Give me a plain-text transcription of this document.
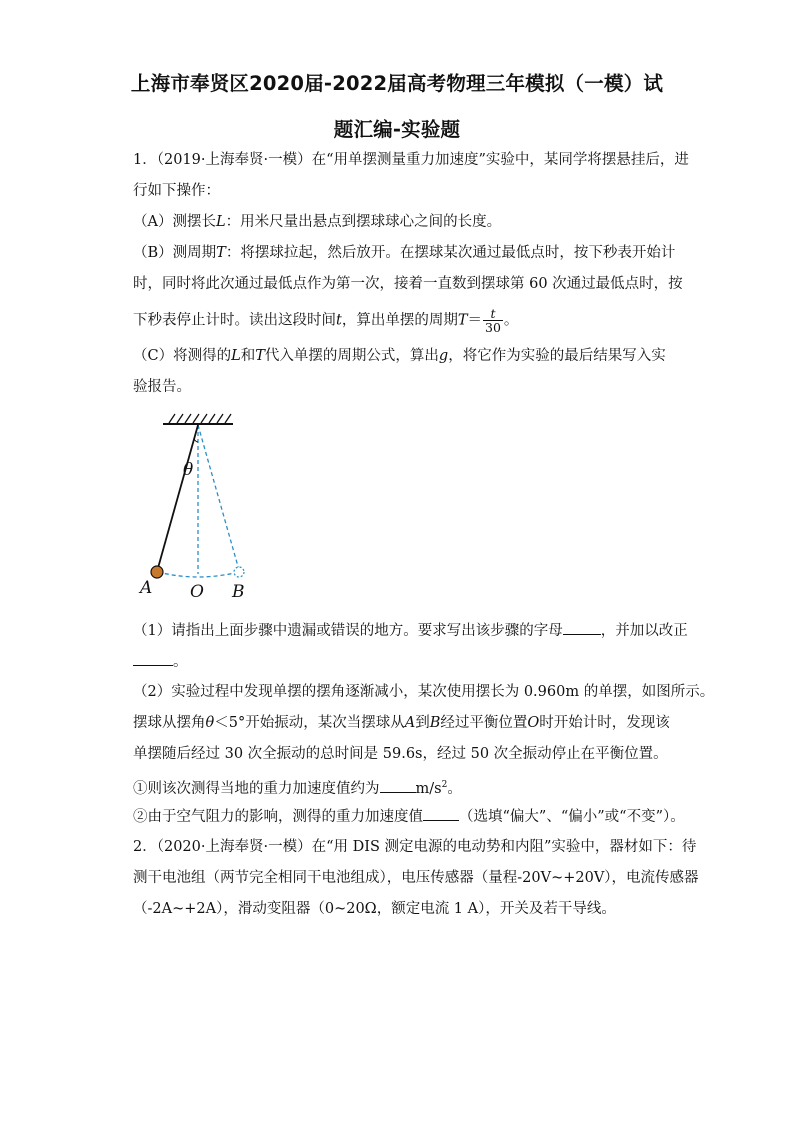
上海市奉贤区2020届-2022届高考物理三年模拟（一模）试
题汇编-实验题
1．（2019·上海奉贤·一模）在“用单摆测量重力加速度”实验中，某同学将摆悬挂后，进
行如下操作：
（A）测摆长L：用米尺量出悬点到摆球球心之间的长度。
（B）测周期T：将摆球拉起，然后放开。在摆球某次通过最低点时，按下秒表开始计
时，同时将此次通过最低点作为第一次，接着一直数到摆球第 60 次通过最低点时，按
下秒表停止计时。读出这段时间t，算出单摆的周期$T= \frac{t}{30}$ 。
（C）将测得的L和T代入单摆的周期公式，算出g，将它作为实验的最后结果写入实
验报告。
θ
A O B
（1）请指出上面步骤中遗漏或错误的地方。要求写出该步骤的字母	，并加以改正
。
（2）实验过程中发现单摆的摆角逐渐减小，某次使用摆长为 0.960m 的单摆，如图所示。
摆球从摆角θ＜5°开始振动，某次当摆球从A到B经过平衡位置O时开始计时，发现该
单摆随后经过 30 次全振动的总时间是 59.6s，经过 50 次全振动停止在平衡位置。
①则该次测得当地的重力加速度值约为 $m/s^2$。
②由于空气阻力的影响，测得的重力加速度值 （选填“偏大”、“偏小”或“不变”）。
2．（2020·上海奉贤·一模）在“用 DIS 测定电源的电动势和内阻”实验中，器材如下：待
测干电池组（两节完全相同干电池组成），电压传感器（量程-20V~+20V），电流传感器
（-2A~+2A），滑动变阻器（0~20Ω，额定电流 1 A），开关及若干导线。
